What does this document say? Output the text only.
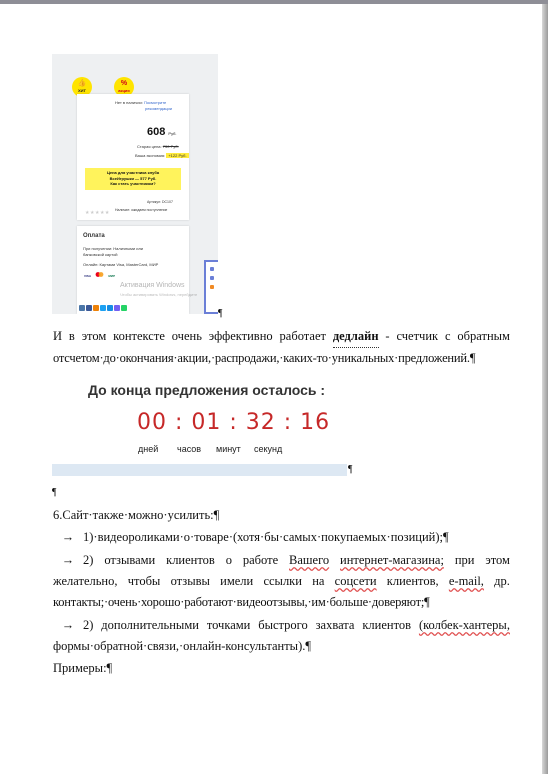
👍
ХИТ
%
акция
Нет в наличии: Посмотрите
рекомендации
608 Руб.
Старая цена: 730 Руб.
Ваша экономия: +122 Руб.
Цена для участника клуба
ВсеИгрушки — 577 Руб.
Как стать участником?
Артикул: DC107
★★★★★ Наличие: ожидаем поступление
Оплата
При получении: Наличными или
банковской картой
Онлайн: Картами Visa, MasterCard, МИР
VISA	МИР
Активация Windows
Чтобы активировать Windows, перейдите
¶
И в этом контексте очень эффективно работает дедлайн - счетчик с обратным
отсчетом·до·окончания·акции,·распродажи,·каких-то·уникальных·предложений.¶
До конца предложения осталось :
00 : 01 : 32 : 16
дней часов минут секунд
¶
¶
6.Сайт·также·можно·усилить:¶
→ 1)·видеороликами·о·товаре·(хотя·бы·самых·покупаемых·позиций);¶
→ 2) отзывами клиентов о работе Вашего интернет-магазина; при этом
желательно, чтобы отзывы имели ссылки на соцсети клиентов, e-mail, др.
контакты;·очень·хорошо·работают·видеоотзывы,·им·больше·доверяют;¶
→ 2) дополнительными точками быстрого захвата клиентов (колбек-хантеры,
формы·обратной·связи,·онлайн-консультанты).¶
Примеры:¶
